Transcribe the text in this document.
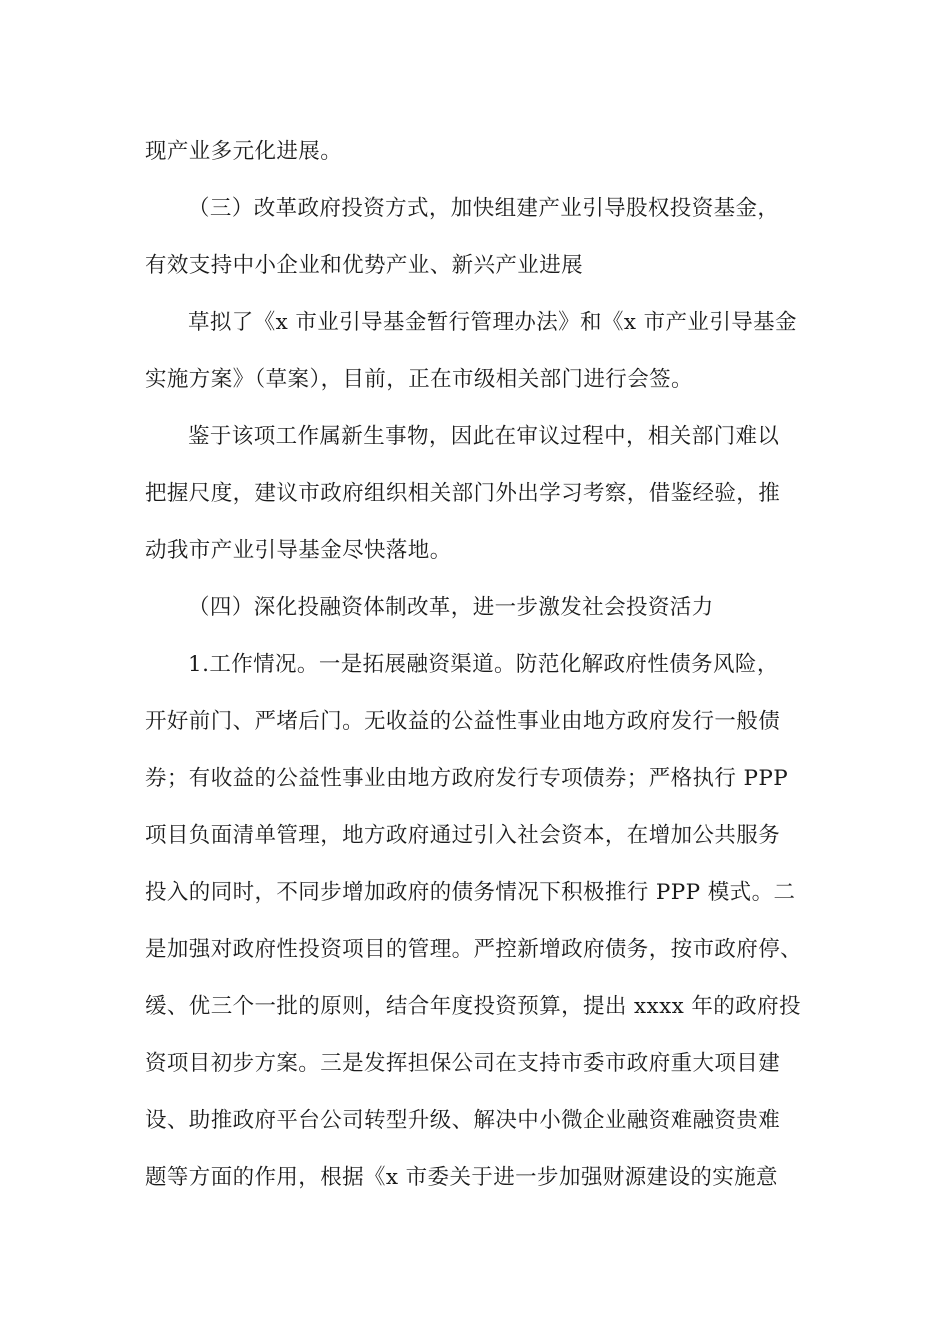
现产业多元化进展。
（三）改革政府投资方式，加快组建产业引导股权投资基金，
有效支持中小企业和优势产业、新兴产业进展
草拟了《x 市业引导基金暂行管理办法》和《x 市产业引导基金
实施方案》（草案），目前，正在市级相关部门进行会签。
鉴于该项工作属新生事物，因此在审议过程中，相关部门难以
把握尺度，建议市政府组织相关部门外出学习考察，借鉴经验，推
动我市产业引导基金尽快落地。
（四）深化投融资体制改革，进一步激发社会投资活力
1.工作情况。一是拓展融资渠道。防范化解政府性债务风险，
开好前门、严堵后门。无收益的公益性事业由地方政府发行一般债
券；有收益的公益性事业由地方政府发行专项债券；严格执行 PPP
项目负面清单管理，地方政府通过引入社会资本，在增加公共服务
投入的同时，不同步增加政府的债务情况下积极推行 PPP 模式。二
是加强对政府性投资项目的管理。严控新增政府债务，按市政府停、
缓、优三个一批的原则，结合年度投资预算，提出 xxxx 年的政府投
资项目初步方案。三是发挥担保公司在支持市委市政府重大项目建
设、助推政府平台公司转型升级、解决中小微企业融资难融资贵难
题等方面的作用，根据《x 市委关于进一步加强财源建设的实施意
